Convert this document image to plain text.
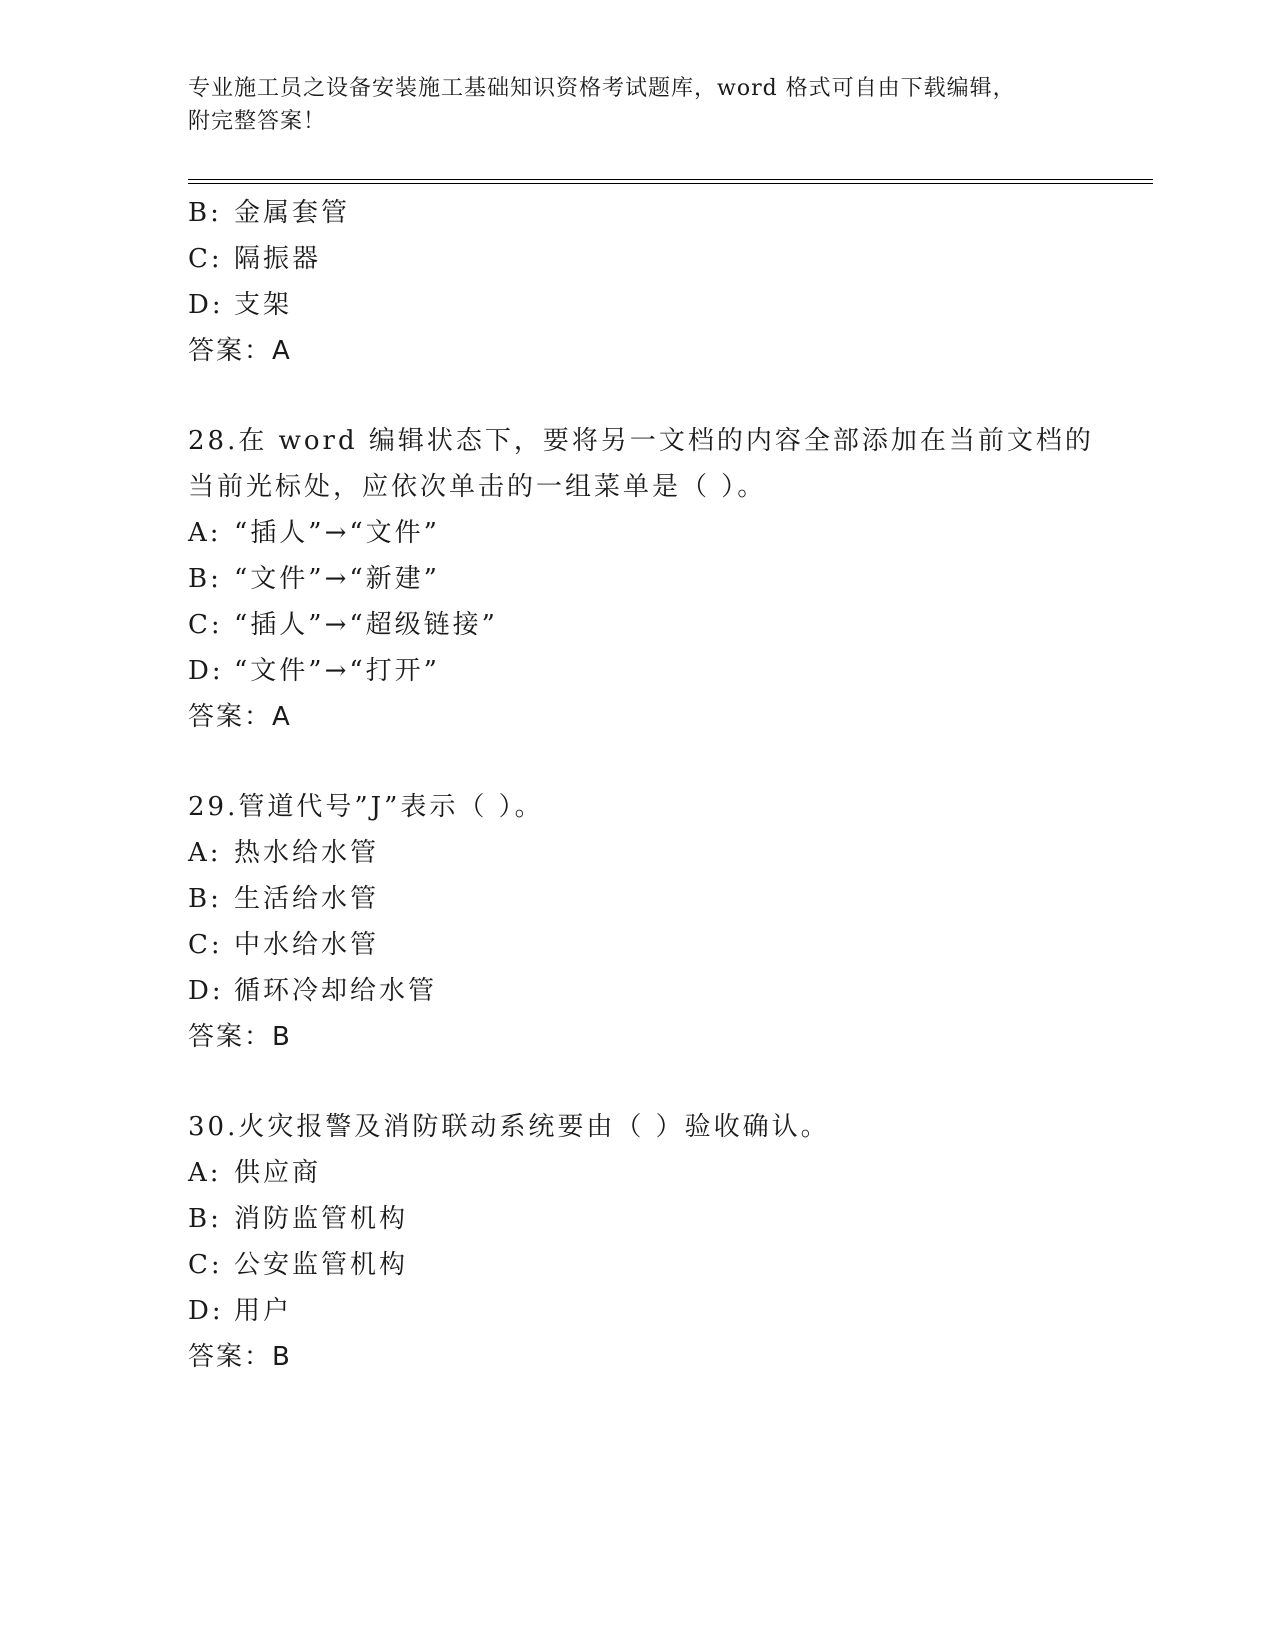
专业施工员之设备安装施工基础知识资格考试题库，word 格式可自由下载编辑，
附完整答案！
B: 金属套管
C: 隔振器
D: 支架
答案：A
28.在 word 编辑状态下，要将另一文档的内容全部添加在当前文档的
当前光标处，应依次单击的一组菜单是（ ）。
A: “插人”→“文件”
B: “文件”→“新建”
C: “插人”→“超级链接”
D: “文件”→“打开”
答案：A
29.管道代号”J”表示（ ）。
A: 热水给水管
B: 生活给水管
C: 中水给水管
D: 循环冷却给水管
答案：B
30.火灾报警及消防联动系统要由（ ）验收确认。
A: 供应商
B: 消防监管机构
C: 公安监管机构
D: 用户
答案：B
